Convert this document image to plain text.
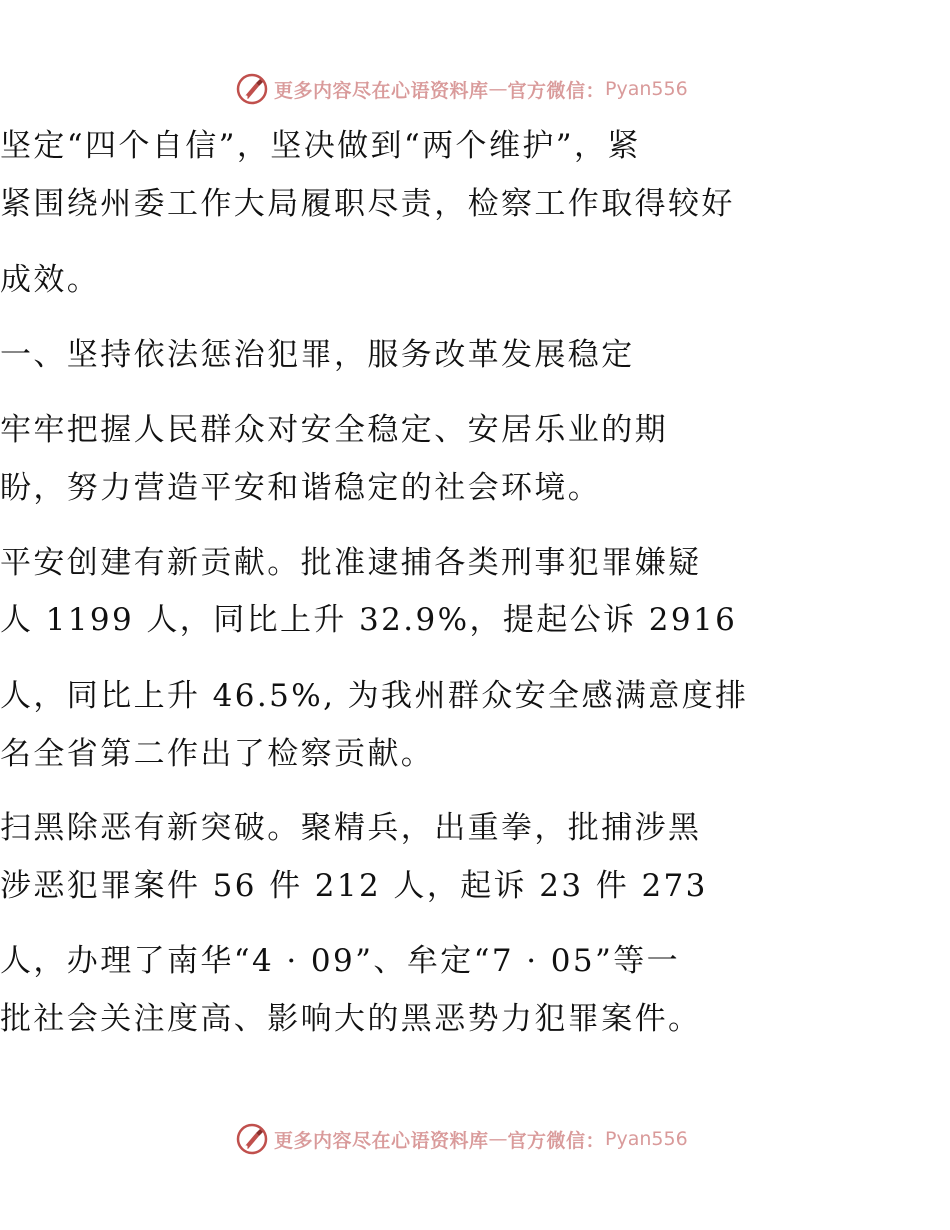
更多内容尽在心语资料库 — 官方微信： Pyan556
坚定“四个自信”，坚决做到“两个维护”，紧
紧围绕州委工作大局履职尽责，检察工作取得较好
成效。
一、坚持依法惩治犯罪，服务改革发展稳定
牢牢把握人民群众对安全稳定、安居乐业的期
盼，努力营造平安和谐稳定的社会环境。
平安创建有新贡献。批准逮捕各类刑事犯罪嫌疑
人 1199 人，同比上升 32.9%，提起公诉 2916
人，同比上升 46.5%, 为我州群众安全感满意度排
名全省第二作出了检察贡献。
扫黑除恶有新突破。聚精兵，出重拳，批捕涉黑
涉恶犯罪案件 56 件 212 人，起诉 23 件 273
人，办理了南华“4 · 09”、牟定“7 · 05”等一
批社会关注度高、影响大的黑恶势力犯罪案件。
更多内容尽在心语资料库 — 官方微信： Pyan556
